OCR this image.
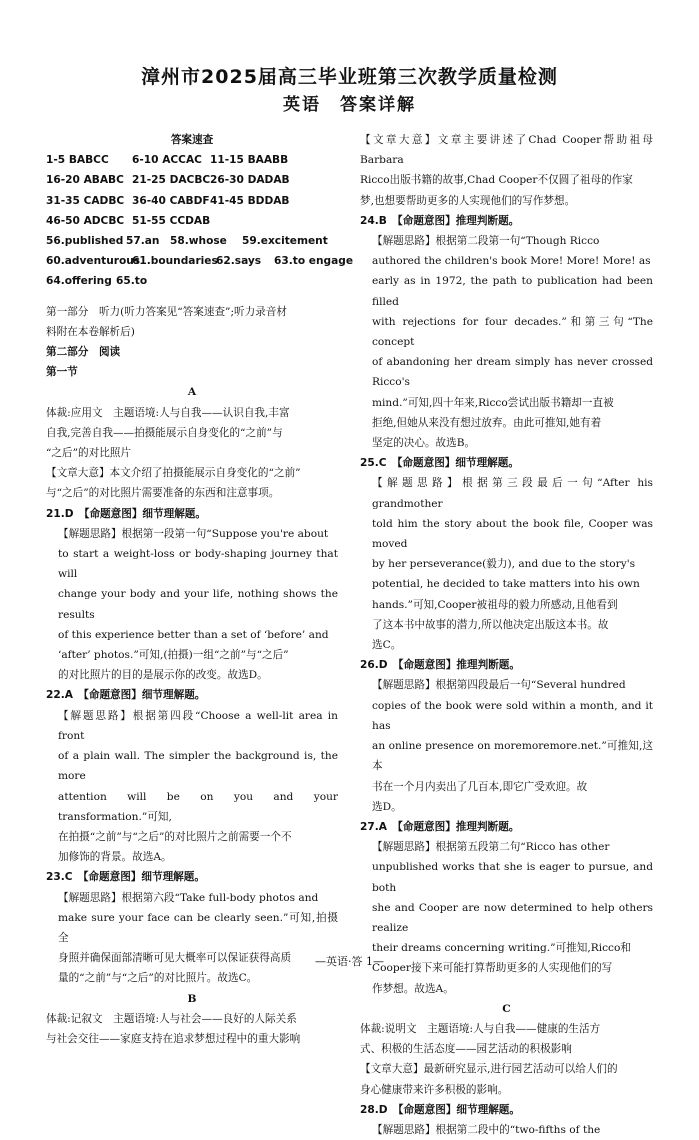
漳州市2025届高三毕业班第三次教学质量检测
英语　答案详解

答案速查

1-5 BABCC 6-10 ACCAC 11-15 BAABB
16-20 ABABC 21-25 DACBC26-30 DADAB
31-35 CADBC 36-40 CABDF41-45 BDDAB
46-50 ADCBC 51-55 CCDAB
56.published 57.an 58.whose 59.excitement
60.adventurous61.boundaries62.says 63.to engage
64.offering 65.to

第一部分　听力(听力答案见“答案速查”;听力录音材

料附在本卷解析后)

第二部分　阅读

第一节

A

体裁:应用文　主题语境:人与自我——认识自我,丰富

自我,完善自我——拍摄能展示自身变化的“之前”与

“之后”的对比照片

【文章大意】本文介绍了拍摄能展示自身变化的“之前”

与“之后”的对比照片需要准备的东西和注意事项。

21.D　【命题意图】细节理解题。

【解题思路】根据第一段第一句“Suppose you're about

to start a weight-loss or body-shaping journey that will

change your body and your life, nothing shows the results

of this experience better than a set of ‘before’ and

‘after’ photos.”可知,(拍摄)一组“之前”与“之后”

的对比照片的目的是展示你的改变。故选D。

22.A　【命题意图】细节理解题。

【解题思路】根据第四段“Choose a well-lit area in front

of a plain wall. The simpler the background is, the more

attention will be on you and your transformation.”可知,

在拍摄“之前”与“之后”的对比照片之前需要一个不

加修饰的背景。故选A。

23.C　【命题意图】细节理解题。

【解题思路】根据第六段“Take full-body photos and

make sure your face can be clearly seen.”可知,拍摄全

身照并确保面部清晰可见大概率可以保证获得高质

量的“之前”与“之后”的对比照片。故选C。

B

体裁:记叙文　主题语境:人与社会——良好的人际关系

与社会交往——家庭支持在追求梦想过程中的重大影响

【文章大意】文章主要讲述了Chad Cooper帮助祖母Barbara

Ricco出版书籍的故事,Chad Cooper不仅圆了祖母的作家

梦,也想要帮助更多的人实现他们的写作梦想。

24.B　【命题意图】推理判断题。

【解题思路】根据第二段第一句“Though Ricco

authored the children's book More! More! More! as

early as in 1972, the path to publication had been filled

with rejections for four decades.”和第三句“The concept

of abandoning her dream simply has never crossed Ricco's

mind.”可知,四十年来,Ricco尝试出版书籍却一直被

拒绝,但她从来没有想过放弃。由此可推知,她有着

坚定的决心。故选B。

25.C　【命题意图】细节理解题。

【解题思路】根据第三段最后一句“After his grandmother

told him the story about the book file, Cooper was moved

by her perseverance(毅力), and due to the story's

potential, he decided to take matters into his own

hands.”可知,Cooper被祖母的毅力所感动,且他看到

了这本书中故事的潜力,所以他决定出版这本书。故

选C。

26.D　【命题意图】推理判断题。

【解题思路】根据第四段最后一句“Several hundred

copies of the book were sold within a month, and it has

an online presence on moremoremore.net.”可推知,这本

书在一个月内卖出了几百本,即它广受欢迎。故

选D。

27.A　【命题意图】推理判断题。

【解题思路】根据第五段第二句“Ricco has other

unpublished works that she is eager to pursue, and both

she and Cooper are now determined to help others realize

their dreams concerning writing.”可推知,Ricco和

Cooper接下来可能打算帮助更多的人实现他们的写

作梦想。故选A。

C

体裁:说明文　主题语境:人与自我——健康的生活方

式、积极的生活态度——园艺活动的积极影响

【文章大意】最新研究显示,进行园艺活动可以给人们的

身心健康带来许多积极的影响。

28.D　【命题意图】细节理解题。

【解题思路】根据第二段中的“two-fifths of the

—英语·答 1—
